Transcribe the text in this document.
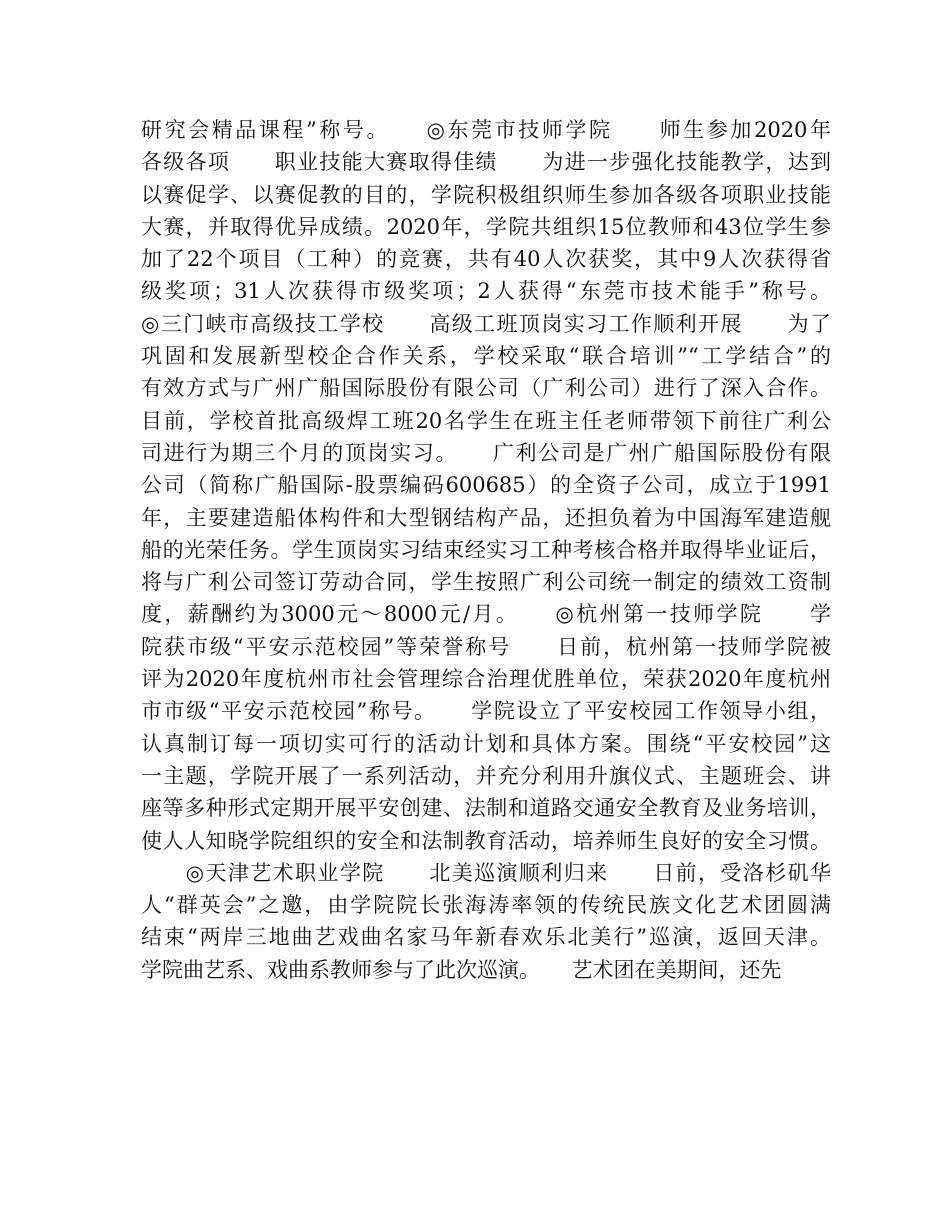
研究会精品课程”称号。　　◎东莞市技师学院　　师生参加2020年
各级各项　　职业技能大赛取得佳绩　　为进一步强化技能教学，达到
以赛促学、以赛促教的目的，学院积极组织师生参加各级各项职业技能
大赛，并取得优异成绩。2020年，学院共组织15位教师和43位学生参
加了22个项目（工种）的竞赛，共有40人次获奖，其中9人次获得省
级奖项；31人次获得市级奖项；2人获得“东莞市技术能手”称号。
◎三门峡市高级技工学校　　高级工班顶岗实习工作顺利开展　　为了
巩固和发展新型校企合作关系，学校采取“联合培训”“工学结合”的
有效方式与广州广船国际股份有限公司（广利公司）进行了深入合作。
目前，学校首批高级焊工班20名学生在班主任老师带领下前往广利公
司进行为期三个月的顶岗实习。　　广利公司是广州广船国际股份有限
公司（简称广船国际-股票编码600685）的全资子公司，成立于1991
年，主要建造船体构件和大型钢结构产品，还担负着为中国海军建造舰
船的光荣任务。学生顶岗实习结束经实习工种考核合格并取得毕业证后，
将与广利公司签订劳动合同，学生按照广利公司统一制定的绩效工资制
度，薪酬约为3000元～8000元/月。　　◎杭州第一技师学院　　学
院获市级“平安示范校园”等荣誉称号　　日前，杭州第一技师学院被
评为2020年度杭州市社会管理综合治理优胜单位，荣获2020年度杭州
市市级“平安示范校园”称号。　　学院设立了平安校园工作领导小组，
认真制订每一项切实可行的活动计划和具体方案。围绕“平安校园”这
一主题，学院开展了一系列活动，并充分利用升旗仪式、主题班会、讲
座等多种形式定期开展平安创建、法制和道路交通安全教育及业务培训，
使人人知晓学院组织的安全和法制教育活动，培养师生良好的安全习惯。
　　◎天津艺术职业学院　　北美巡演顺利归来　　日前，受洛杉矶华
人“群英会”之邀，由学院院长张海涛率领的传统民族文化艺术团圆满
结束“两岸三地曲艺戏曲名家马年新春欢乐北美行”巡演，返回天津。
学院曲艺系、戏曲系教师参与了此次巡演。　　艺术团在美期间，还先
